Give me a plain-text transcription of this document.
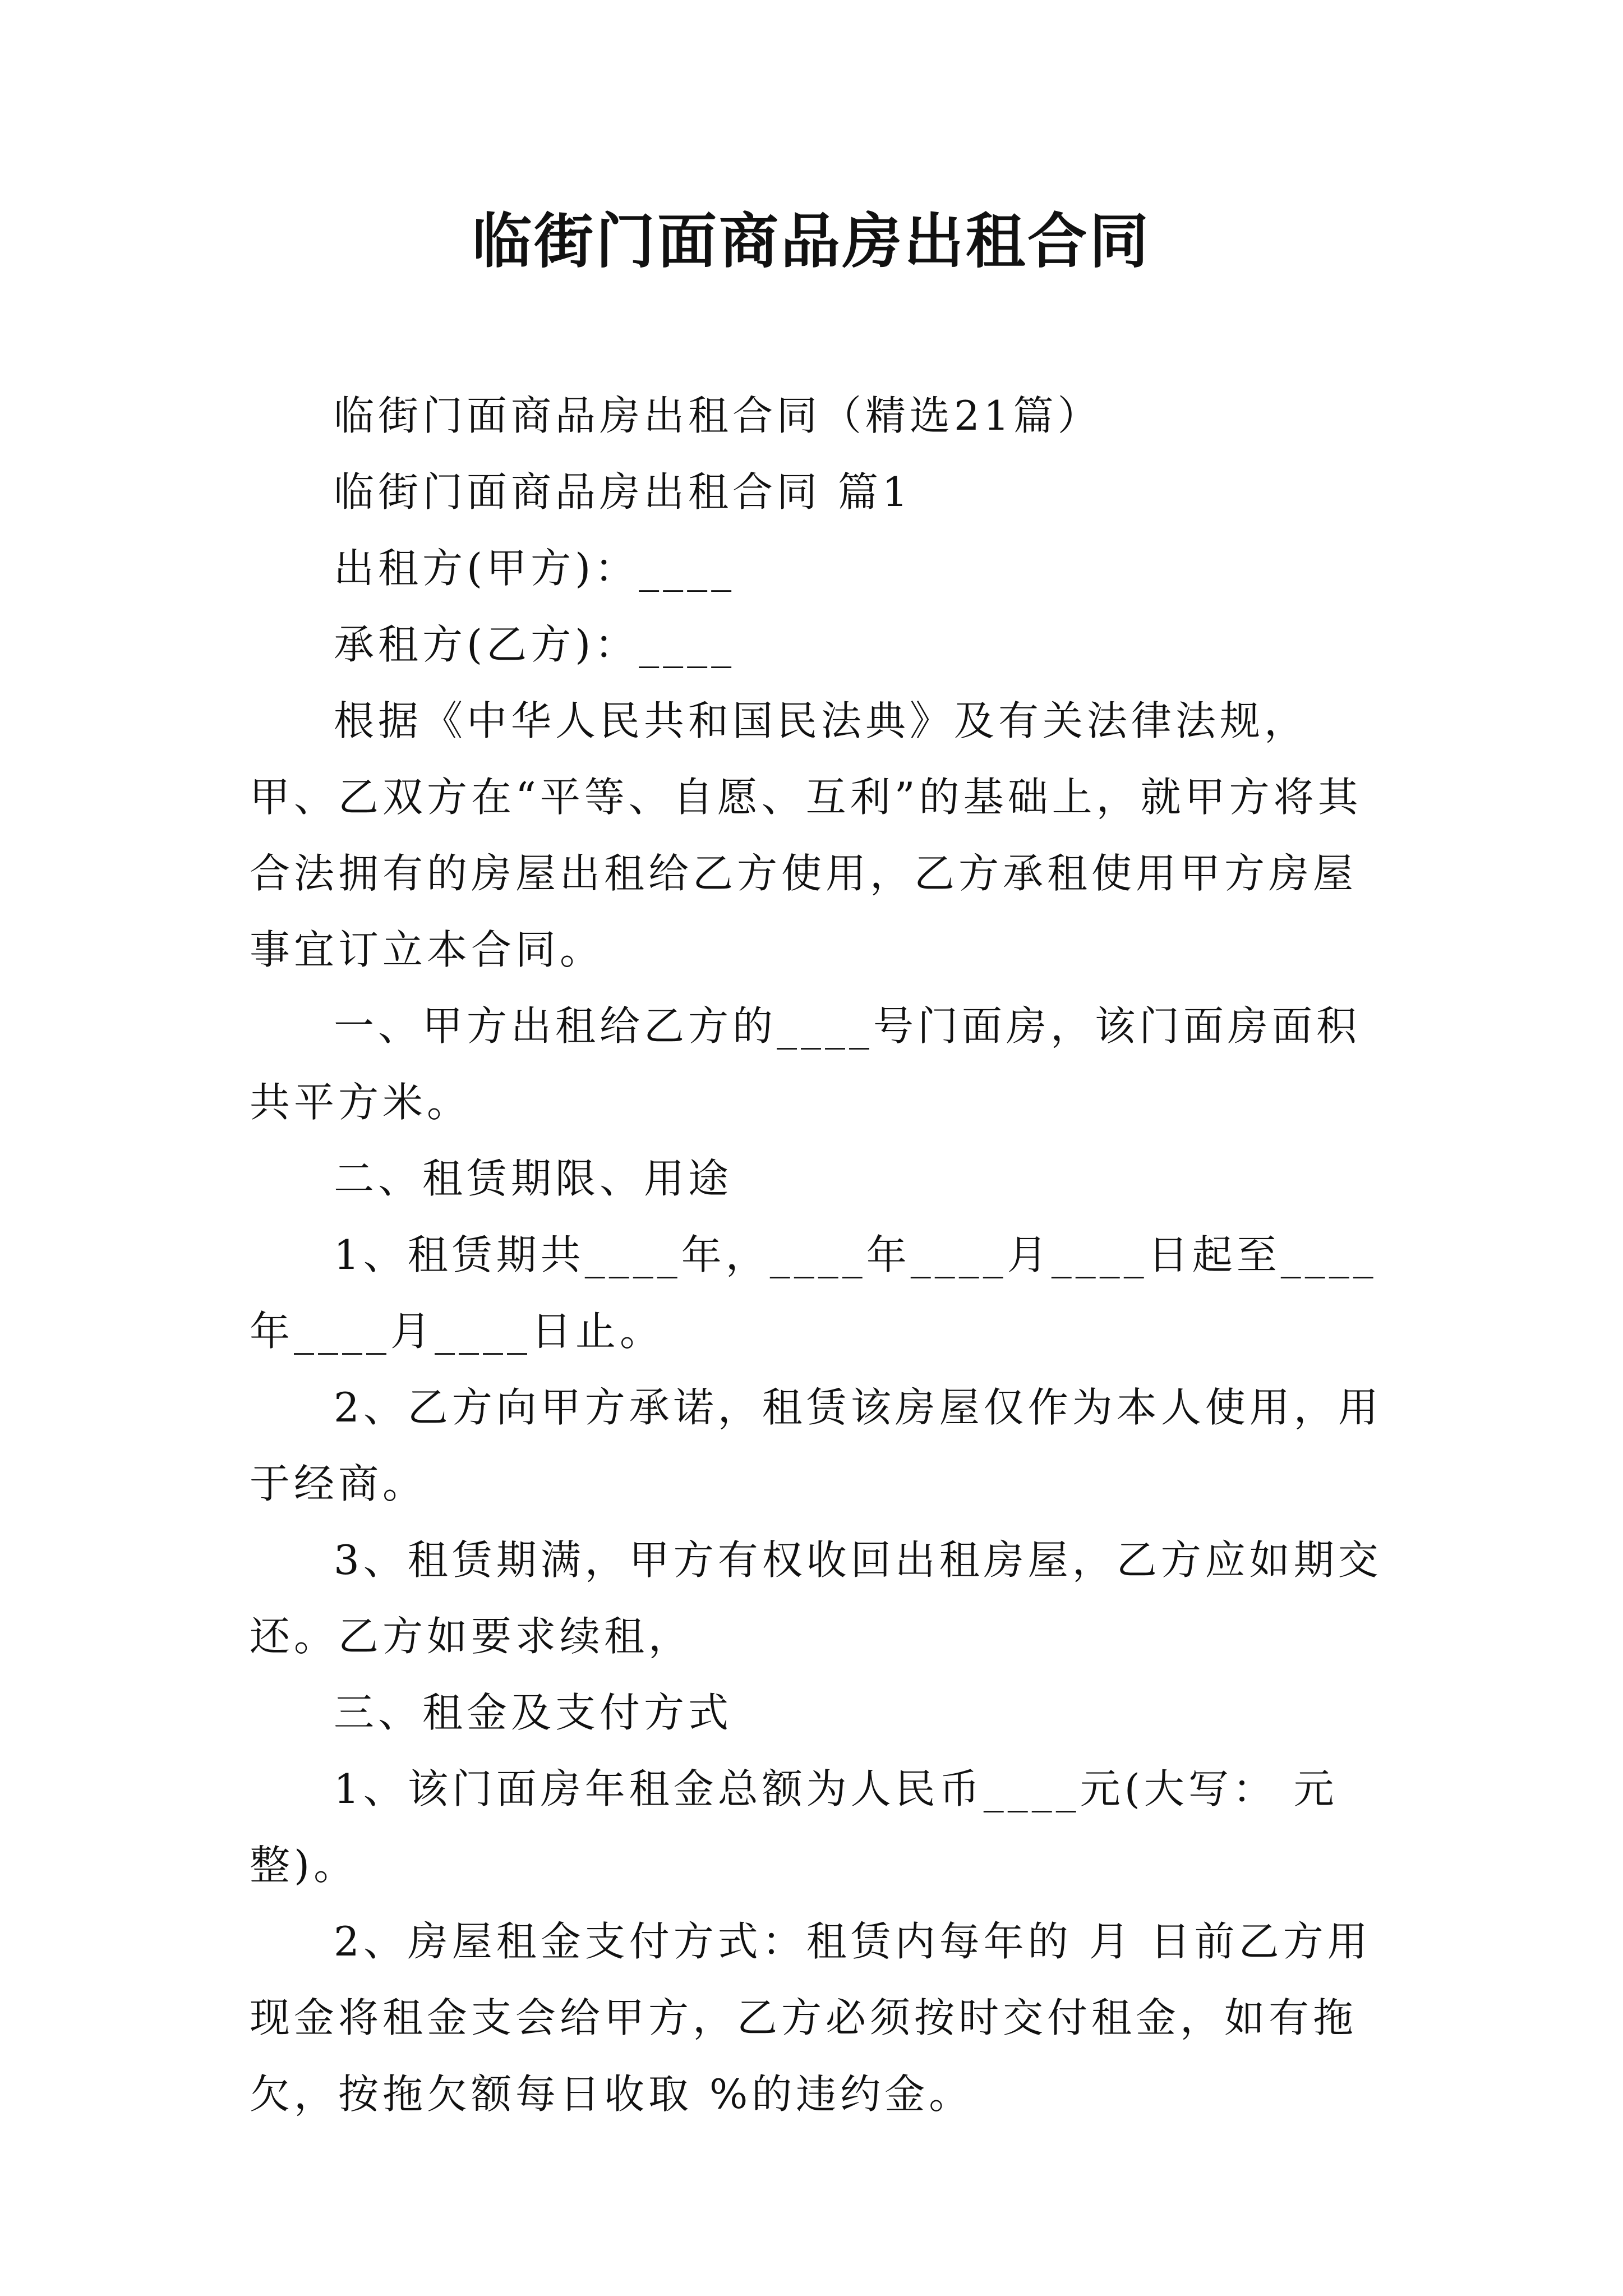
临街门面商品房出租合同

临街门面商品房出租合同（精选21篇）

临街门面商品房出租合同 篇1

出租方(甲方)：____

承租方(乙方)：____

根据《中华人民共和国民法典》及有关法律法规，甲、乙双方在“平等、自愿、互利”的基础上，就甲方将其合法拥有的房屋出租给乙方使用，乙方承租使用甲方房屋事宜订立本合同。

一、甲方出租给乙方的____号门面房，该门面房面积共平方米。

二、租赁期限、用途

1、租赁期共____年，____年____月____日起至____年____月____日止。

2、乙方向甲方承诺，租赁该房屋仅作为本人使用，用于经商。

3、租赁期满，甲方有权收回出租房屋，乙方应如期交还。乙方如要求续租，

三、租金及支付方式

1、该门面房年租金总额为人民币____元(大写： 元整)。

2、房屋租金支付方式：租赁内每年的 月 日前乙方用现金将租金支会给甲方，乙方必须按时交付租金，如有拖欠，按拖欠额每日收取 %的违约金。
